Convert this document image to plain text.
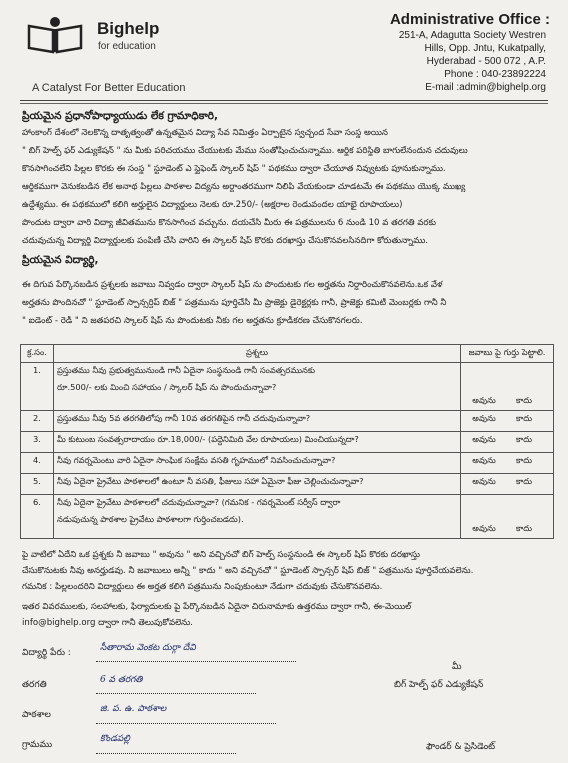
Bighelp
for education
A Catalyst For Better Education
Administrative Office :
251-A, Adagutta Society Westren
Hills, Opp. Jntu, Kukatpally,
Hyderabad - 500 072 , A.P.
Phone : 040-23892224
E-mail :admin@bighelp.org
ప్రియమైన ప్రధానోపాధ్యాయుడు లేక గ్రామాధికారి,
హాంకాంగ్ దేశంలో నెలకొన్న దాతృత్వంతో ఉన్నతమైన విద్యా సేవ నిమిత్తం ఏర్పాటైన స్వచ్ఛంద సేవా సంస్థ అయిన
" బిగ్ హెల్ప్ ఫర్ ఎడ్యుకేషన్ " ను మీకు పరిచయము చేయుటకు మేము సంతోషించుచున్నాము. ఆర్థిక పరిస్థితి బాగులేనందున చదువులు
కొనసాగించలేని పిల్లల కొరకు ఈ సంస్థ " స్టూడెంట్ ఎ స్టైఫెండ్ స్కాలర్ షిప్ " పథకము ద్వారా చేయూత నివ్వుటకు పూనుకున్నాము.
ఆర్థికముగా వెనుకబడిన లేక అనాథ పిల్లలు పాఠశాల విద్యను అర్ధాంతరముగా నిలిపి వేయకుండా చూడటమే ఈ పథకము యొక్క ముఖ్య
ఉద్దేశ్యము. ఈ పథకములో కలిగి అర్హులైన విద్యార్థులు నెలకు రూ.250/- (అక్షరాల రెండువందల యాభై రూపాయలు)
పొందుట ద్వారా వారి విద్యా జీవితమును కొనసాగించ వచ్చును. దయచేసి మీరు ఈ పత్రములను 6 నుండి 10 వ తరగతి వరకు
చదువుచున్న విద్యార్థి విద్యార్థులకు పంపిణీ చేసి వారిని ఈ స్కాలర్ షిప్ కొరకు దరఖాస్తు చేసుకొనవలసినదిగా కోరుతున్నాము.
ప్రియమైన విద్యార్థి,
ఈ దిగువ పేర్కొనబడిన ప్రశ్నలకు జవాబు నివ్వడం ద్వారా స్కాలర్ షిప్ ను పొందుటకు గల అర్హతను నిర్ధారించుకొనవలెను.ఒక వేళ
అర్హతను పొందినచో " స్టూడెంట్ స్పాన్సర్షిప్ బిజ్ " పత్రమును పూర్తిచేసి మీ ప్రాజెక్టు డైరెక్టర్లకు గానీ, ప్రాజెక్టు కమిటీ మెంబర్లకు గానీ నీ
" ఐడెంట్ - రెడీ " ని జతపరచి స్కాలర్ షిప్ ను పొందుటకు నీకు గల అర్హతను క్రూడీకరణ చేసుకొనగలరు.
క్ర.సం.	ప్రశ్నలు	జవాబు పై గుర్తు పెట్టాలి.
1.	ప్రస్తుతము నీవు ప్రభుత్వమునుండి గానీ ఏదైనా సంస్థనుండి గానీ సంవత్సరమునకు
రూ.500/- లకు మించి సహాయం / స్కాలర్ షిప్ ను పొందుచున్నావా?	అవును కాదు
2.	ప్రస్తుతము నీవు 5వ తరగతిలోపు గానీ 10వ తరగతిపైన గానీ చదువుచున్నావా?	అవును కాదు
3.	మీ కుటుంబ సంవత్సరాదాయం రూ.18,000/- (పద్దెనిమిది వేల రూపాయలు) మించియున్నదా?	అవును కాదు
4.	నీవు గవర్నమెంటు వారి ఏదైనా సాంఘిక సంక్షేమ వసతి గృహములో నివసించుచున్నావా?	అవును కాదు
5.	నీవు ఏదైనా ప్రైవేటు పాఠశాలలో ఉంటూ నీ వసతి, ఫీజులు సహా ఏమైనా ఫీజు చెల్లించుచున్నావా?	అవును కాదు
6.	నీవు ఏదైనా ప్రైవేటు పాఠశాలలో చదువుచున్నావా? (గమనిక - గవర్నమెంట్ సర్వీస్ ద్వారా
నడుపుచున్న పాఠశాల ప్రైవేటు పాఠశాలగా గుర్తించబడదు).	అవును కాదు
పై వాటిలో ఏదేని ఒక ప్రశ్నకు నీ జవాబు " అవును " అని వచ్చినచో బిగ్ హెల్ప్ సంస్థనుండి ఈ స్కాలర్ షిప్ కొరకు దరఖాస్తు
చేసుకొనుటకు నీవు అనర్హుడవు. నీ జవాబులు అన్నీ " కాదు " అని వచ్చినచో " స్టూడెంట్ స్పాన్సర్ షిప్ బిజ్ " పత్రమును పూర్తిచేయవలెను.
గమనిక : పిల్లలందరిని విద్యార్థులు ఈ అర్హత కలిగి పత్రమును నింపుకుంటూ నేడుగా చదువుకు చేసుకొనవలెను.
ఇతర వివరములకు, సలహాలకు, ఫిర్యాదులకు పై పేర్కొనబడిన ఏదైనా చిరునామాకు ఉత్తరము ద్వారా గానీ, ఈ-మెయిల్
info@bighelp.org ద్వారా గానీ తెలుపుకోవలెను.
విద్యార్థి పేరు :	సీతారామ వెంకట దుర్గా దేవి
తరగతి	6 వ తరగతి
పాఠశాల
జి. ప. ఉ. పాఠశాల
గ్రామము
కొండపల్లి
మీ
బిగ్ హెల్ప్ ఫర్ ఎడ్యుకేషన్
ఫౌండర్ & ప్రెసిడెంట్
